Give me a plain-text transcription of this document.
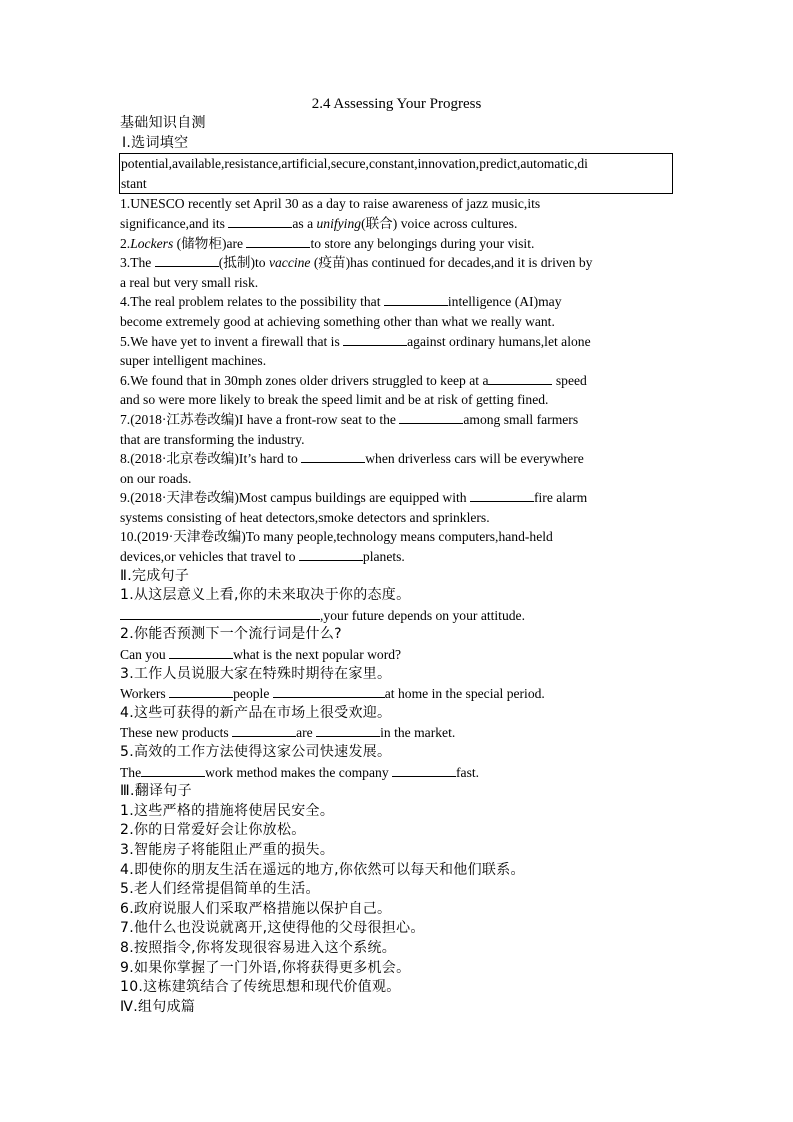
2.4 Assessing Your Progress
基础知识自测
Ⅰ.选词填空
potential,available,resistance,artificial,secure,constant,innovation,predict,automatic,di
stant
1.UNESCO recently set April 30 as a day to raise awareness of jazz music,its
significance,and its	as a unifying(联合) voice across cultures.
2.Lockers (储物柜)are	to store any belongings during your visit.
3.The	(抵制)to vaccine (疫苗)has continued for decades,and it is driven by
a real but very small risk.
4.The real problem relates to the possibility that	intelligence (AI)may
become extremely good at achieving something other than what we really want.
5.We have yet to invent a firewall that is	against ordinary humans,let alone
super intelligent machines.
6.We found that in 30mph zones older drivers struggled to keep at a	speed
and so were more likely to break the speed limit and be at risk of getting fined.
7.(2018·江苏卷改编)I have a front-row seat to the	among small farmers
that are transforming the industry.
8.(2018·北京卷改编)It’s hard to	when driverless cars will be everywhere
on our roads.
9.(2018·天津卷改编)Most campus buildings are equipped with	fire alarm
systems consisting of heat detectors,smoke detectors and sprinklers.
10.(2019·天津卷改编)To many people,technology means computers,hand-held
devices,or vehicles that travel to	planets.
Ⅱ.完成句子
1.从这层意义上看,你的未来取决于你的态度。
,your future depends on your attitude.
2.你能否预测下一个流行词是什么?
Can you	what is the next popular word?
3.工作人员说服大家在特殊时期待在家里。
Workers	people	at home in the special period.
4.这些可获得的新产品在市场上很受欢迎。
These new products	are	in the market.
5.高效的工作方法使得这家公司快速发展。
The	work method makes the company	fast.
Ⅲ.翻译句子
1.这些严格的措施将使居民安全。
2.你的日常爱好会让你放松。
3.智能房子将能阻止严重的损失。
4.即使你的朋友生活在遥远的地方,你依然可以每天和他们联系。
5.老人们经常提倡简单的生活。
6.政府说服人们采取严格措施以保护自己。
7.他什么也没说就离开,这使得他的父母很担心。
8.按照指令,你将发现很容易进入这个系统。
9.如果你掌握了一门外语,你将获得更多机会。
10.这栋建筑结合了传统思想和现代价值观。
Ⅳ.组句成篇
